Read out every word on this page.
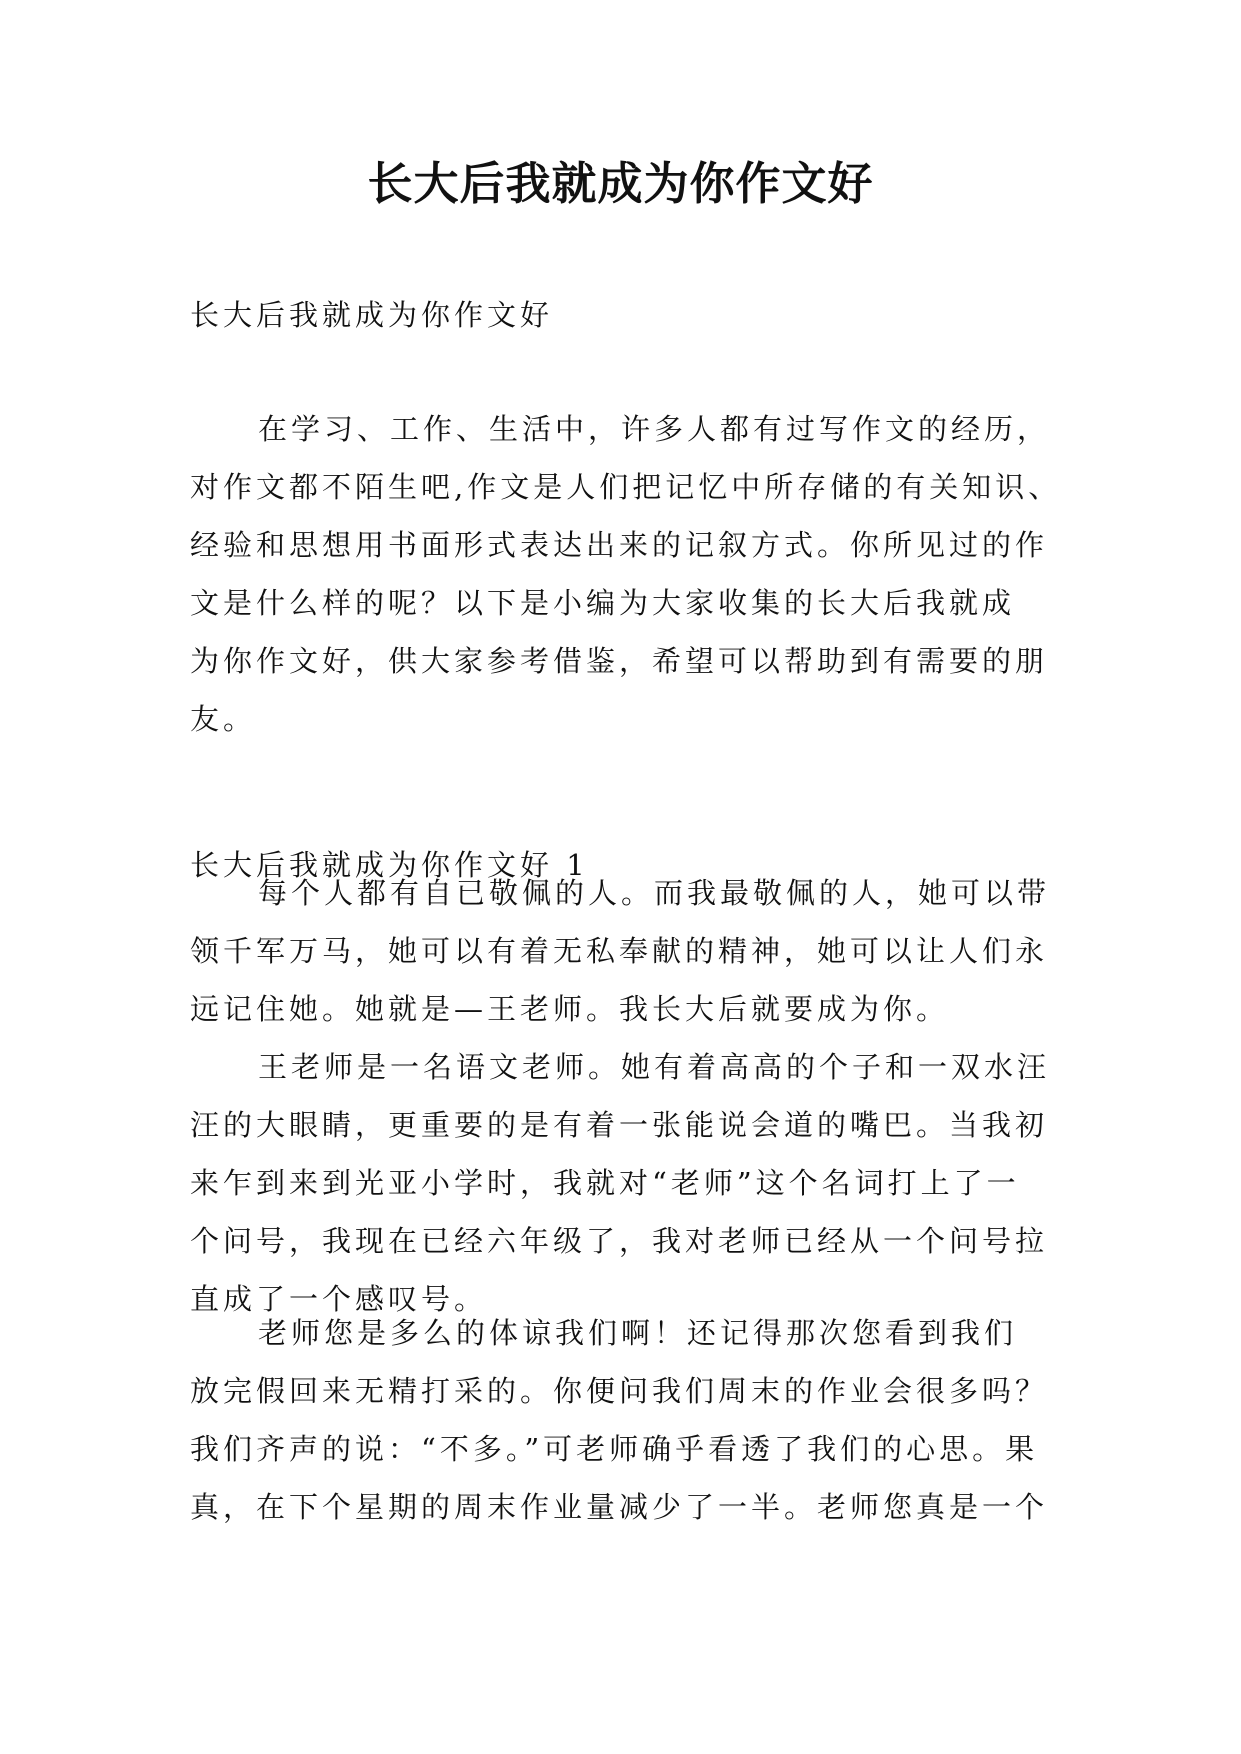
长大后我就成为你作文好
长大后我就成为你作文好
在学习、工作、生活中，许多人都有过写作文的经历，
对作文都不陌生吧,作文是人们把记忆中所存储的有关知识、
经验和思想用书面形式表达出来的记叙方式。你所见过的作
文是什么样的呢？以下是小编为大家收集的长大后我就成
为你作文好，供大家参考借鉴，希望可以帮助到有需要的朋
友。
长大后我就成为你作文好 1
每个人都有自已敬佩的人。而我最敬佩的人，她可以带
领千军万马，她可以有着无私奉献的精神，她可以让人们永
远记住她。她就是—王老师。我长大后就要成为你。
王老师是一名语文老师。她有着高高的个子和一双水汪
汪的大眼睛，更重要的是有着一张能说会道的嘴巴。当我初
来乍到来到光亚小学时，我就对“老师”这个名词打上了一
个问号，我现在已经六年级了，我对老师已经从一个问号拉
直成了一个感叹号。
老师您是多么的体谅我们啊！还记得那次您看到我们
放完假回来无精打采的。你便问我们周末的作业会很多吗？
我们齐声的说：“不多。”可老师确乎看透了我们的心思。果
真，在下个星期的周末作业量减少了一半。老师您真是一个
